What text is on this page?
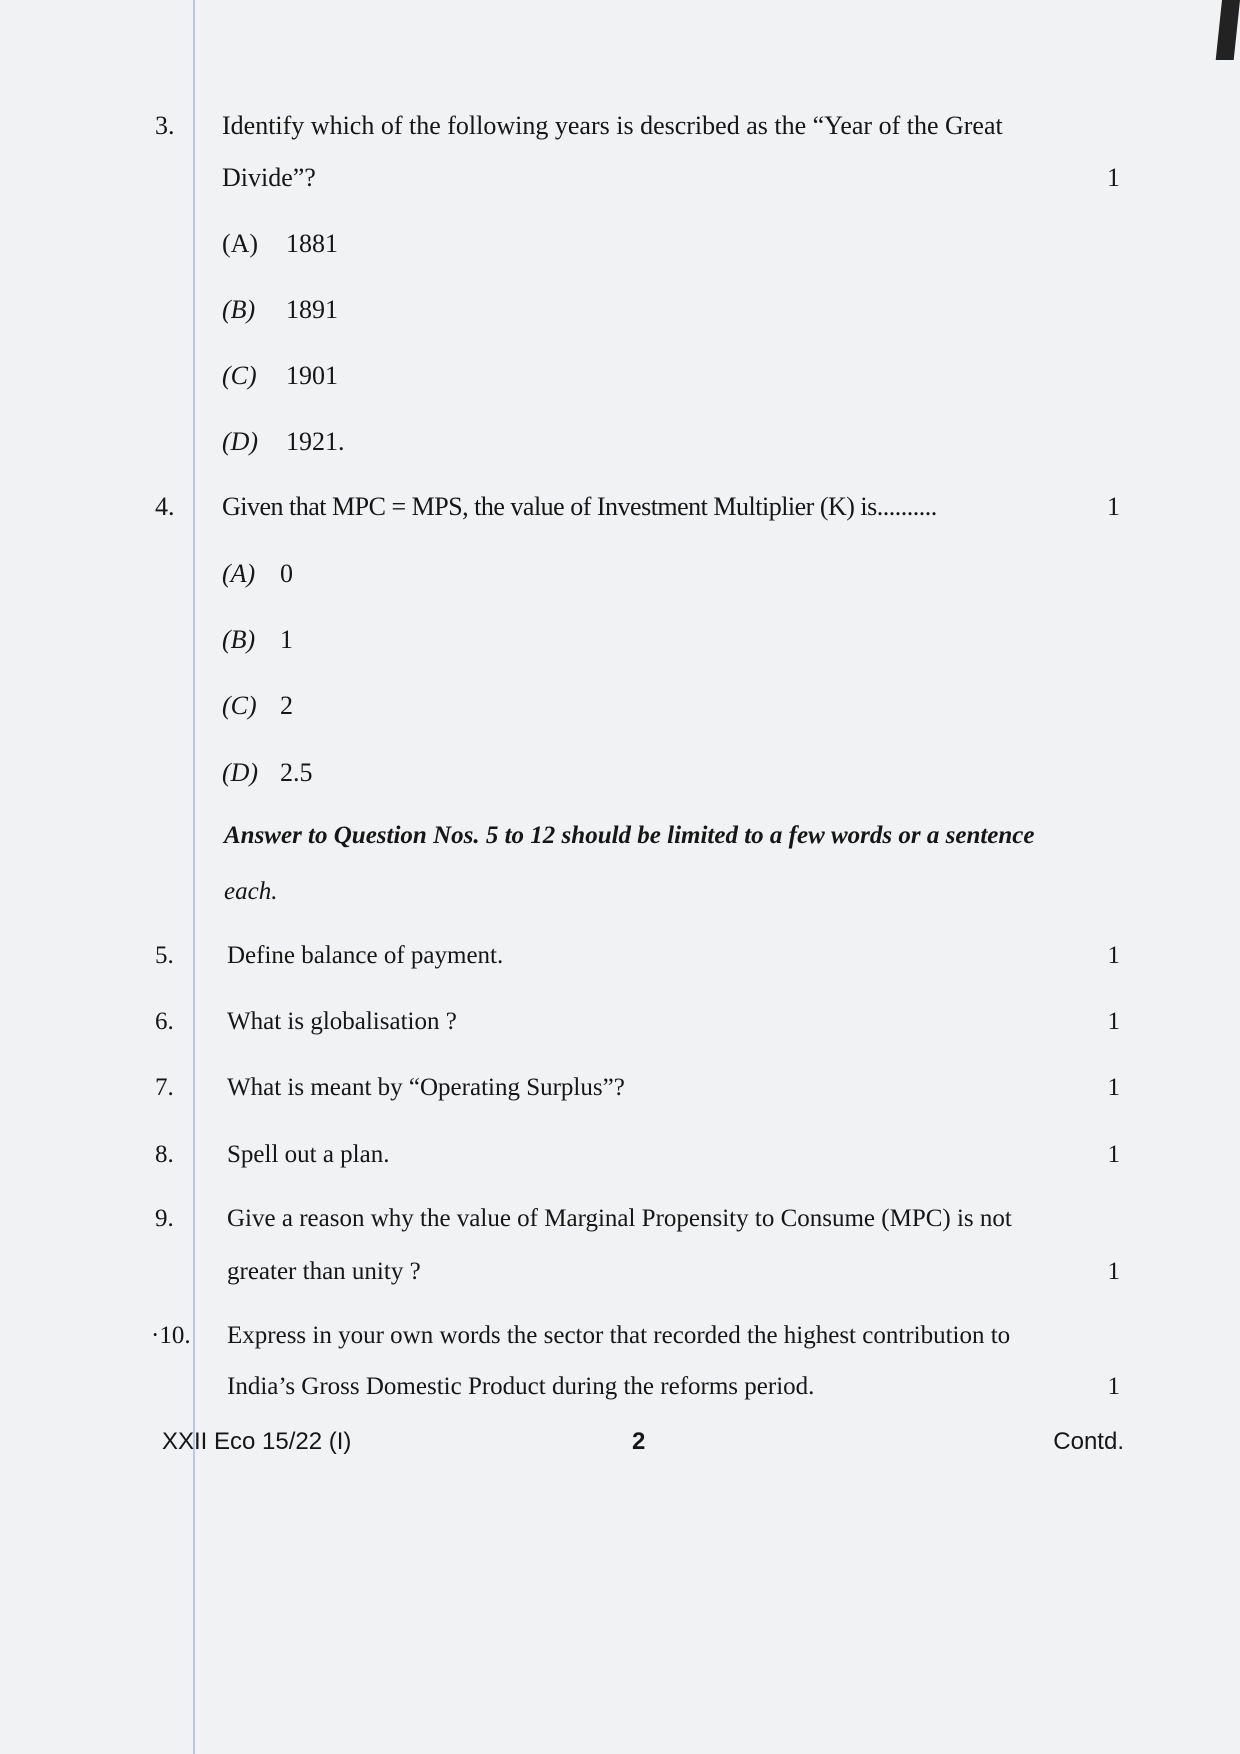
3. Identify which of the following years is described as the “Year of the Great
Divide”?	1
(A) 1881
(B) 1891
(C) 1901
(D) 1921.
4. Given that MPC = MPS, the value of Investment Multiplier (K) is..........	1
(A) 0
(B) 1
(C) 2
(D) 2.5
Answer to Question Nos. 5 to 12 should be limited to a few words or a sentence
each.
5. Define balance of payment.	1
6. What is globalisation ?	1
7. What is meant by “Operating Surplus”?	1
8. Spell out a plan.	1
9. Give a reason why the value of Marginal Propensity to Consume (MPC) is not
greater than unity ?	1
·10. Express in your own words the sector that recorded the highest contribution to
India’s Gross Domestic Product during the reforms period.	1
XXII Eco 15/22 (I)	2	Contd.
